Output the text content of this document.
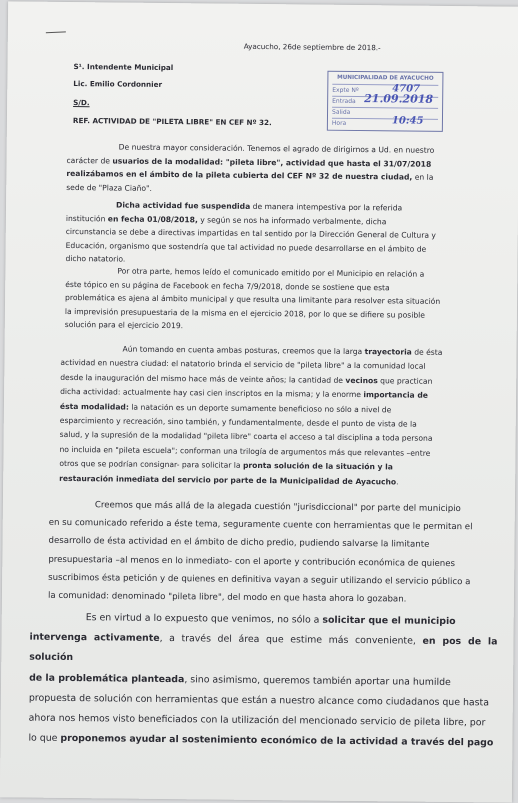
Ayacucho, 26de septiembre de 2018.-
S¹. Intendente Municipal
Lic. Emilio Cordonnier
S/D.
REF. ACTIVIDAD DE "PILETA LIBRE" EN CEF Nº 32.
MUNICIPALIDAD DE AYACUCHO
Expte Nº	4707
Entrada 21.09.2018
Salida
Hora	10:45
De nuestra mayor consideración. Tenemos el agrado de dirigirnos a Ud. en nuestro
carácter de usuarios de la modalidad: "pileta libre", actividad que hasta el 31/07/2018
realizábamos en el ámbito de la pileta cubierta del CEF Nº 32 de nuestra ciudad, en la
sede de "Plaza Ciaño".
Dicha actividad fue suspendida de manera intempestiva por la referida
institución en fecha 01/08/2018, y según se nos ha informado verbalmente, dicha
circunstancia se debe a directivas impartidas en tal sentido por la Dirección General de Cultura y
Educación, organismo que sostendría que tal actividad no puede desarrollarse en el ámbito de
dicho natatorio.
Por otra parte, hemos leído el comunicado emitido por el Municipio en relación a
éste tópico en su página de Facebook en fecha 7/9/2018, donde se sostiene que esta
problemática es ajena al ámbito municipal y que resulta una limitante para resolver esta situación
la imprevisión presupuestaria de la misma en el ejercicio 2018, por lo que se difiere su posible
solución para el ejercicio 2019.
Aún tomando en cuenta ambas posturas, creemos que la larga trayectoria de ésta
actividad en nuestra ciudad: el natatorio brinda el servicio de "pileta libre" a la comunidad local
desde la inauguración del mismo hace más de veinte años; la cantidad de vecinos que practican
dicha actividad: actualmente hay casi cien inscriptos en la misma; y la enorme importancia de
ésta modalidad: la natación es un deporte sumamente beneficioso no sólo a nivel de
esparcimiento y recreación, sino también, y fundamentalmente, desde el punto de vista de la
salud, y la supresión de la modalidad "pileta libre" coarta el acceso a tal disciplina a toda persona
no incluida en "pileta escuela"; conforman una trilogía de argumentos más que relevantes –entre
otros que se podrían consignar- para solicitar la pronta solución de la situación y la
restauración inmediata del servicio por parte de la Municipalidad de Ayacucho.
Creemos que más allá de la alegada cuestión "jurisdiccional" por parte del municipio
en su comunicado referido a éste tema, seguramente cuente con herramientas que le permitan el
desarrollo de ésta actividad en el ámbito de dicho predio, pudiendo salvarse la limitante
presupuestaria –al menos en lo inmediato- con el aporte y contribución económica de quienes
suscribimos ésta petición y de quienes en definitiva vayan a seguir utilizando el servicio público a
la comunidad: denominado "pileta libre", del modo en que hasta ahora lo gozaban.
Es en virtud a lo expuesto que venimos, no sólo a solicitar que el municipio
intervenga activamente, a través del área que estime más conveniente, en pos de la solución
de la problemática planteada, sino asimismo, queremos también aportar una humilde
propuesta de solución con herramientas que están a nuestro alcance como ciudadanos que hasta
ahora nos hemos visto beneficiados con la utilización del mencionado servicio de pileta libre, por
lo que proponemos ayudar al sostenimiento económico de la actividad a través del pago
